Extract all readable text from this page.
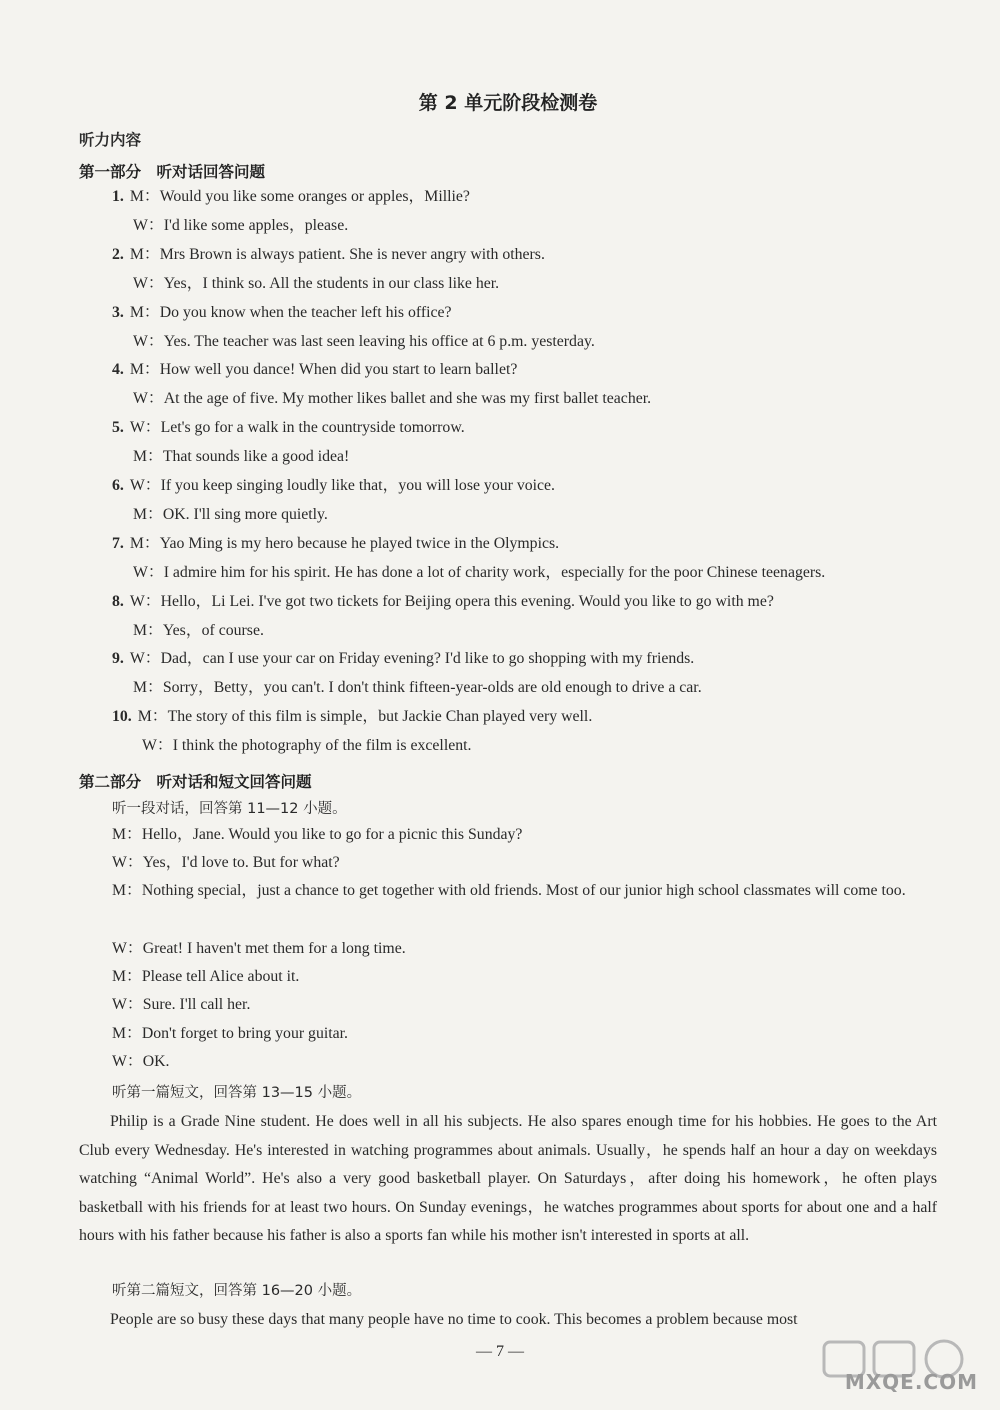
第 2 单元阶段检测卷
听力内容
第一部分　听对话回答问题
1. M：Would you like some oranges or apples，Millie?
W：I'd like some apples，please.
2. M：Mrs Brown is always patient. She is never angry with others.
W：Yes，I think so. All the students in our class like her.
3. M：Do you know when the teacher left his office?
W：Yes. The teacher was last seen leaving his office at 6 p.m. yesterday.
4. M：How well you dance! When did you start to learn ballet?
W：At the age of five. My mother likes ballet and she was my first ballet teacher.
5. W：Let's go for a walk in the countryside tomorrow.
M：That sounds like a good idea!
6. W：If you keep singing loudly like that，you will lose your voice.
M：OK. I'll sing more quietly.
7. M：Yao Ming is my hero because he played twice in the Olympics.
W：I admire him for his spirit. He has done a lot of charity work，especially for the poor Chinese teenagers.
8. W：Hello，Li Lei. I've got two tickets for Beijing opera this evening. Would you like to go with me?
M：Yes，of course.
9. W：Dad，can I use your car on Friday evening? I'd like to go shopping with my friends.
M：Sorry，Betty，you can't. I don't think fifteen-year-olds are old enough to drive a car.
10. M：The story of this film is simple，but Jackie Chan played very well.
W：I think the photography of the film is excellent.
第二部分　听对话和短文回答问题
听一段对话，回答第 11—12 小题。
M：Hello，Jane. Would you like to go for a picnic this Sunday?
W：Yes，I'd love to. But for what?
M：Nothing special，just a chance to get together with old friends. Most of our junior high school classmates will come too.
W：Great! I haven't met them for a long time.
M：Please tell Alice about it.
W：Sure. I'll call her.
M：Don't forget to bring your guitar.
W：OK.
听第一篇短文，回答第 13—15 小题。
Philip is a Grade Nine student. He does well in all his subjects. He also spares enough time for his hobbies. He goes to the Art Club every Wednesday. He's interested in watching programmes about animals. Usually，he spends half an hour a day on weekdays watching “Animal World”. He's also a very good basketball player. On Saturdays，after doing his homework，he often plays basketball with his friends for at least two hours. On Sunday evenings，he watches programmes about sports for about one and a half hours with his father because his father is also a sports fan while his mother isn't interested in sports at all.
听第二篇短文，回答第 16—20 小题。
People are so busy these days that many people have no time to cook. This becomes a problem because most
— 7 —
MXQE.COM
